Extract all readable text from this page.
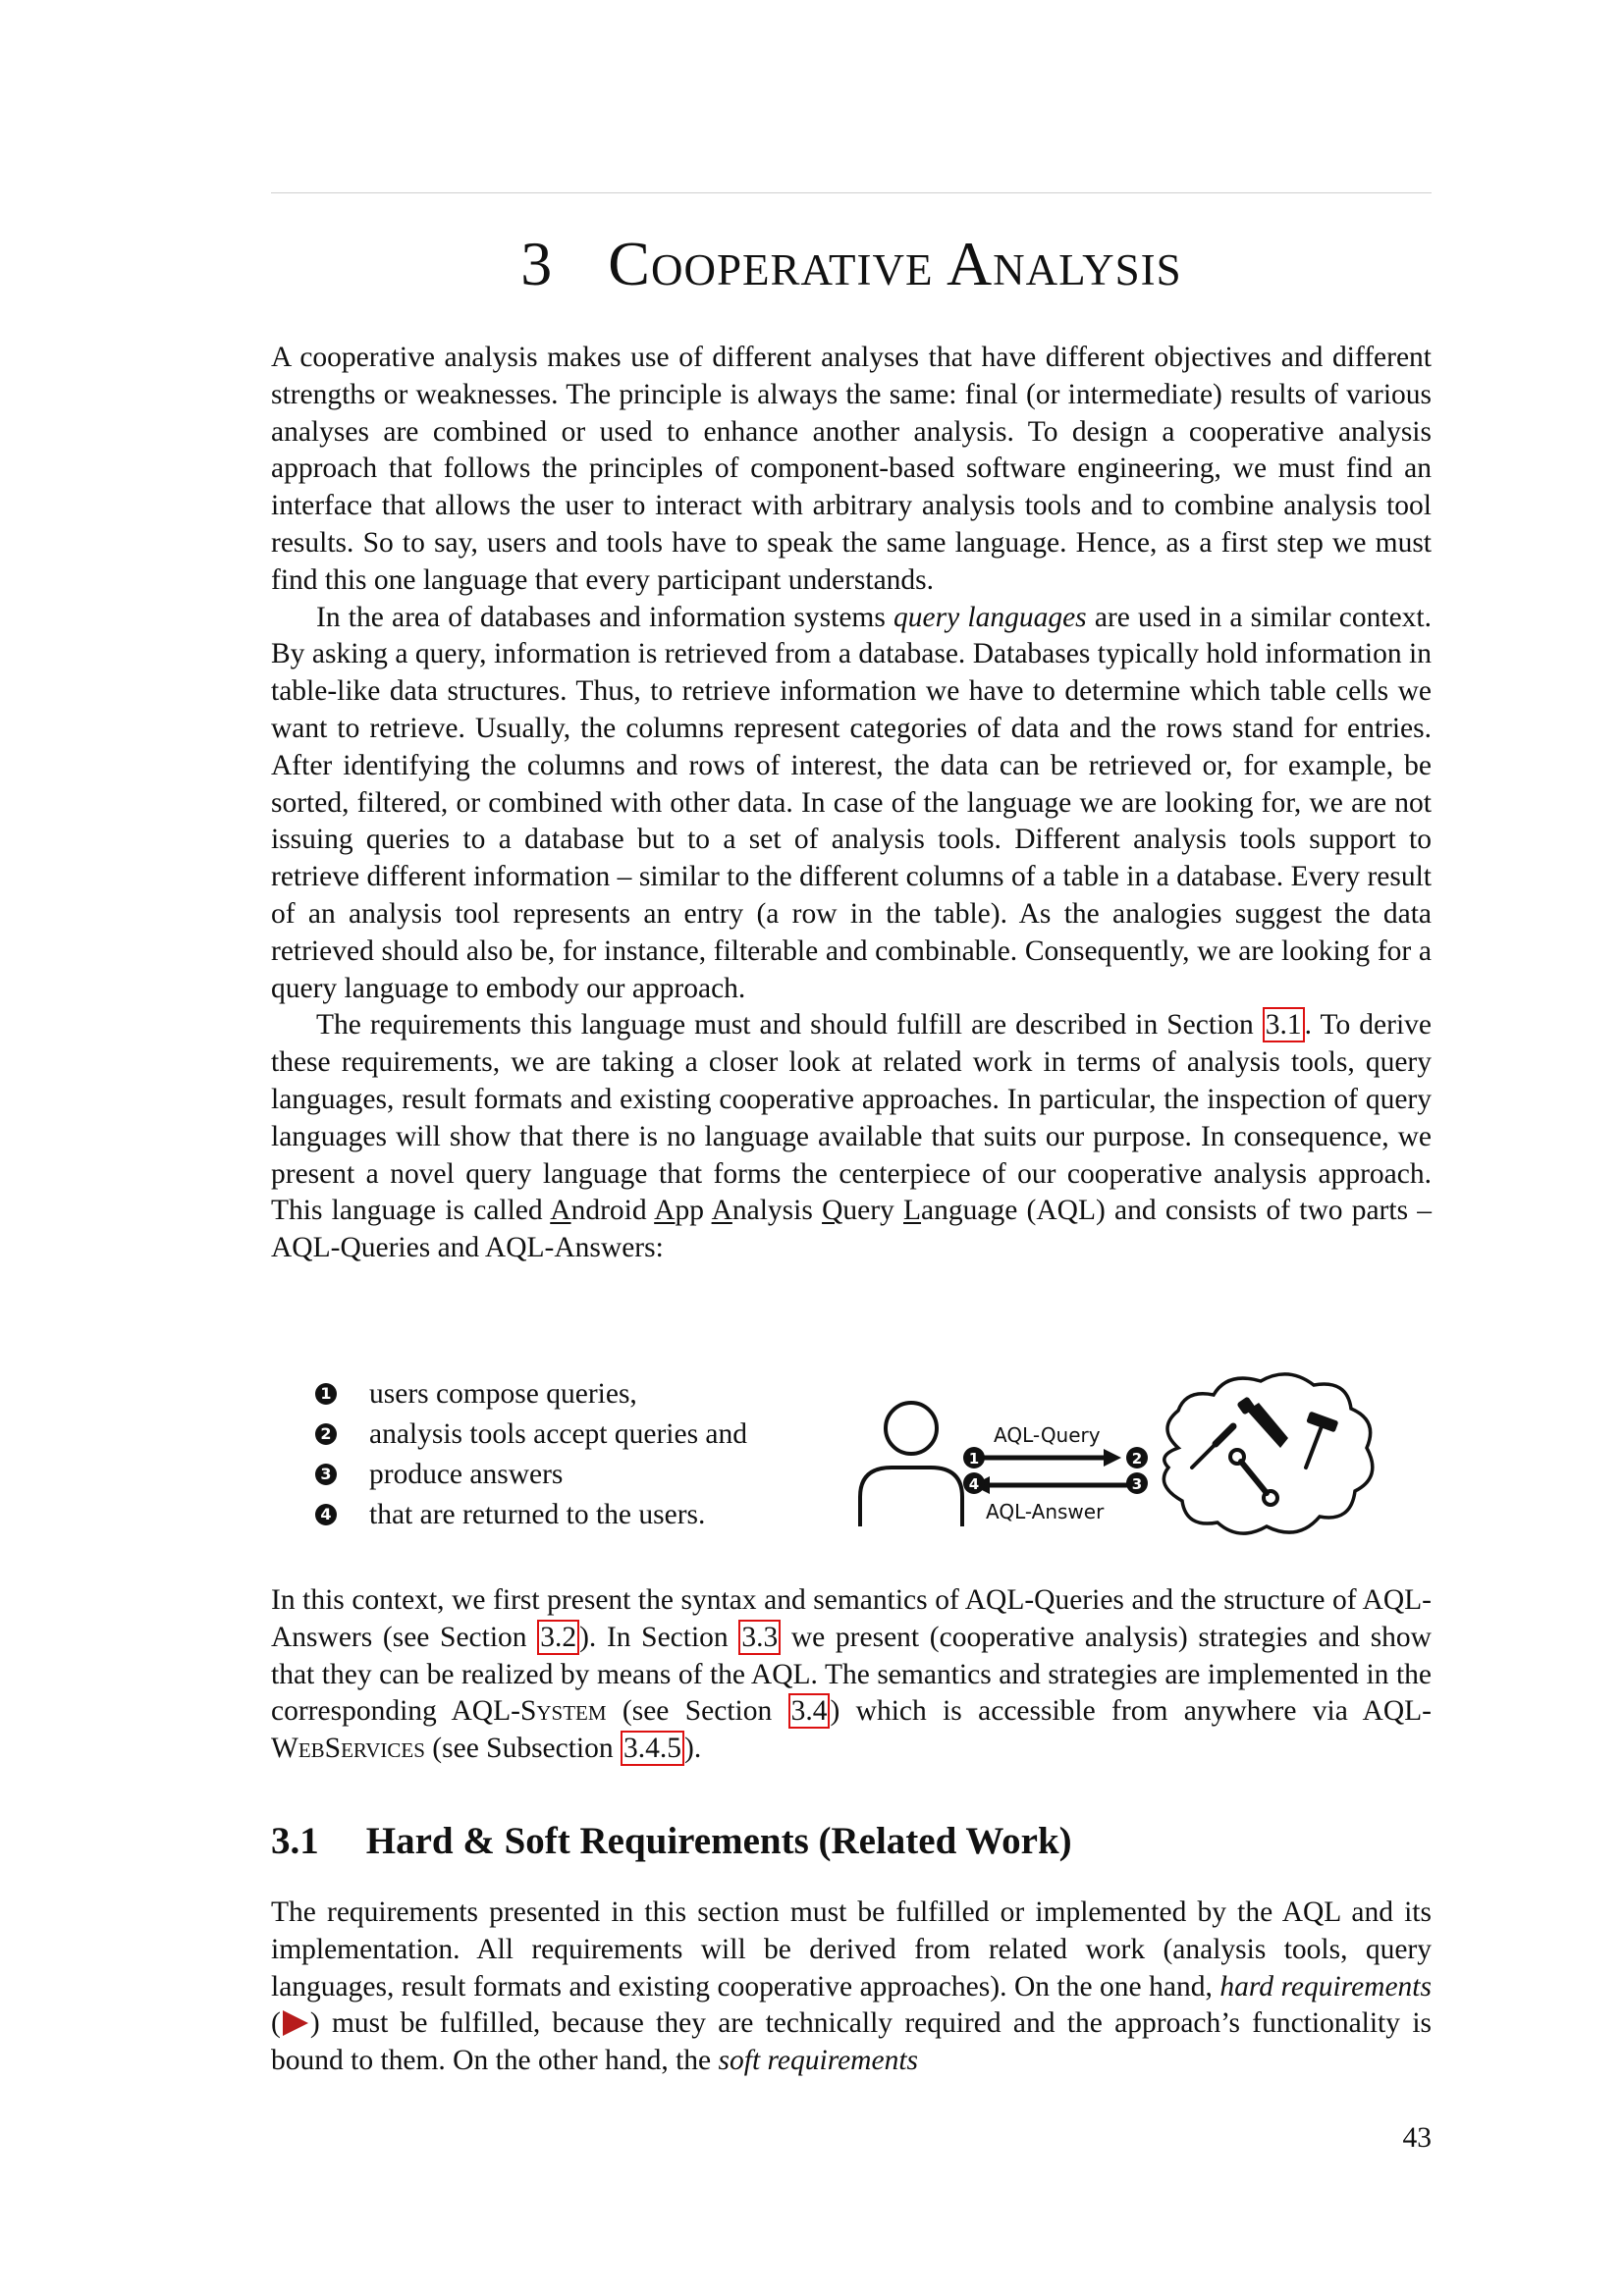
3 Cooperative Analysis

A cooperative analysis makes use of different analyses that have different objectives and different strengths or weaknesses. The principle is always the same: final (or intermediate) results of various analyses are combined or used to enhance another analysis. To design a cooperative analysis approach that follows the principles of component-based software engineering, we must find an interface that allows the user to interact with arbitrary analysis tools and to combine analysis tool results. So to say, users and tools have to speak the same language. Hence, as a first step we must find this one language that every participant understands.

In the area of databases and information systems query languages are used in a similar context. By asking a query, information is retrieved from a database. Databases typically hold information in table-like data structures. Thus, to retrieve information we have to determine which table cells we want to retrieve. Usually, the columns represent categories of data and the rows stand for entries. After identifying the columns and rows of interest, the data can be retrieved or, for example, be sorted, filtered, or combined with other data. In case of the language we are looking for, we are not issuing queries to a database but to a set of analysis tools. Different analysis tools support to retrieve different information – similar to the different columns of a table in a database. Every result of an analysis tool represents an entry (a row in the table). As the analogies suggest the data retrieved should also be, for instance, filterable and combinable. Consequently, we are looking for a query language to embody our approach.

The requirements this language must and should fulfill are described in Section 3.1 . To derive these requirements, we are taking a closer look at related work in terms of analysis tools, query languages, result formats and existing cooperative approaches. In particular, the inspection of query languages will show that there is no language available that suits our purpose. In consequence, we present a novel query language that forms the centerpiece of our cooperative analysis approach. This language is called Android App Analysis Query Language (AQL) and consists of two parts – AQL-Queries and AQL-Answers:

1 users compose queries,
2 analysis tools accept queries and
3 produce answers
4 that are returned to the users.
AQL-Query
AQL-Answer
1
4
2
3

In this context, we first present the syntax and semantics of AQL-Queries and the structure of AQL-Answers (see Section 3.2 ). In Section 3.3 we present (cooperative analysis) strategies and show that they can be realized by means of the AQL. The semantics and strategies are implemented in the corresponding AQL-System (see Section 3.4 ) which is accessible from anywhere via AQL-WebServices (see Subsection 3.4.5 ).

3.1 Hard & Soft Requirements (Related Work)

The requirements presented in this section must be fulfilled or implemented by the AQL and its implementation. All requirements will be derived from related work (analysis tools, query languages, result formats and existing cooperative approaches). On the one hand, hard requirements ( ) must be fulfilled, because they are technically required and the approach’s functionality is bound to them. On the other hand, the soft requirements

43
